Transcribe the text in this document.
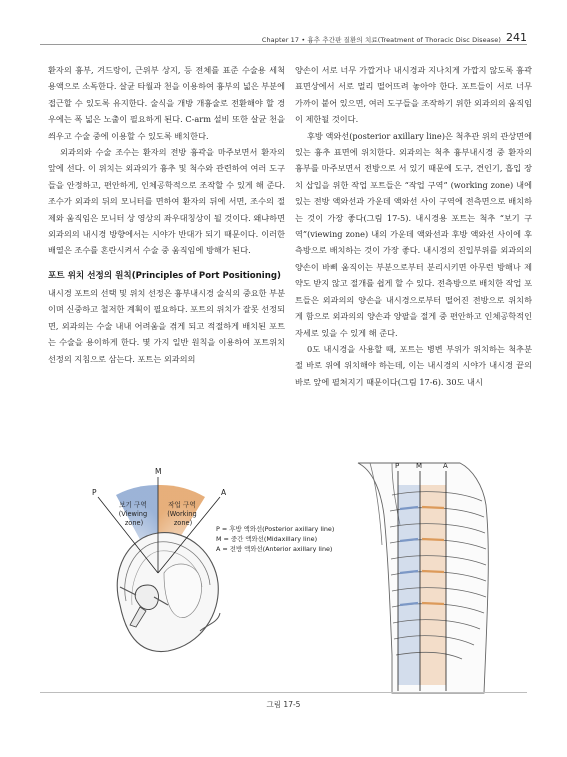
Chapter 17 • 흉추 추간판 질환의 치료(Treatment of Thoracic Disc Disease) 241

환자의 흉부, 겨드랑이, 근위부 상지, 등 전체를 표준 수술용 세척 용액으로 소독한다. 살균 타월과 천을 이용하여 흉부의 넓은 부분에 접근할 수 있도록 유지한다. 술식을 개방 개흉술로 전환해야 할 경우에는 폭 넓은 노출이 필요하게 된다. C-arm 설비 또한 살균 천을 씌우고 수술 중에 이용할 수 있도록 배치한다.

외과의와 수술 조수는 환자의 전방 흉곽을 마주보면서 환자의 앞에 선다. 이 위치는 외과의가 흉추 및 척수와 관련하여 여러 도구들을 안정하고, 편안하게, 인체공학적으로 조작할 수 있게 해 준다. 조수가 외과의 뒤의 모니터를 면하여 환자의 뒤에 서면, 조수의 절제와 움직임은 모니터 상 영상의 좌우대칭상이 될 것이다. 왜냐하면 외과의의 내시경 방향에서는 시야가 반대가 되기 때문이다. 이러한 배열은 조수를 혼란시켜서 수술 중 움직임에 방해가 된다.

포트 위치 선정의 원칙(Principles of Port Positioning)

내시경 포트의 선택 및 위치 선정은 흉부내시경 술식의 중요한 부분이며 신중하고 철저한 계획이 필요하다. 포트의 위치가 잘못 선정되면, 외과의는 수술 내내 어려움을 겪게 되고 적절하게 배치된 포트는 수술을 용이하게 한다. 몇 가지 일반 원칙을 이용하여 포트위치 선정의 지침으로 삼는다. 포트는 외과의의

양손이 서로 너무 가깝거나 내시경과 지나치게 가깝지 않도록 흉곽 표면상에서 서로 멀리 떨어뜨려 놓아야 한다. 포트들이 서로 너무 가까이 붙어 있으면, 여러 도구들을 조작하기 위한 외과의의 움직임이 제한될 것이다.

후방 액와선(posterior axillary line)은 척추관 위의 관상면에 있는 흉추 표면에 위치한다. 외과의는 척추 흉부내시경 중 환자의 흉부를 마주보면서 전방으로 서 있기 때문에 도구, 견인기, 흡입 장치 삽입을 위한 작업 포트들은 “작업 구역” (working zone) 내에 있는 전방 액와선과 가운데 액와선 사이 구역에 전측면으로 배치하는 것이 가장 좋다(그림 17-5). 내시경용 포트는 척추 “보기 구역”(viewing zone) 내의 가운데 액와선과 후방 액와선 사이에 후측방으로 배치하는 것이 가장 좋다. 내시경의 진입부위를 외과의의 양손이 바삐 움직이는 부분으로부터 분리시키면 아무런 방해나 제약도 받지 않고 절개를 쉽게 할 수 있다. 전측방으로 배치한 작업 포트들은 외과의의 양손을 내시경으로부터 떨어진 전방으로 위치하게 함으로 외과의의 양손과 양팔을 절게 중 편안하고 인체공학적인 자세로 있을 수 있게 해 준다.

0도 내시경을 사용할 때, 포트는 병변 부위가 위치하는 척추분절 바로 위에 위치해야 하는데, 이는 내시경의 시야가 내시경 끝의 바로 앞에 펼쳐지기 때문이다(그림 17-6). 30도 내시

P
M
A
보기 구역 (Viewing zone)
작업 구역 (Working zone)
P = 후방 액와선(Posterior axillary line)
M = 중간 액와선(Midaxillary line)
A = 전방 액와선(Anterior axillary line)
P M	A
그림 17-5
